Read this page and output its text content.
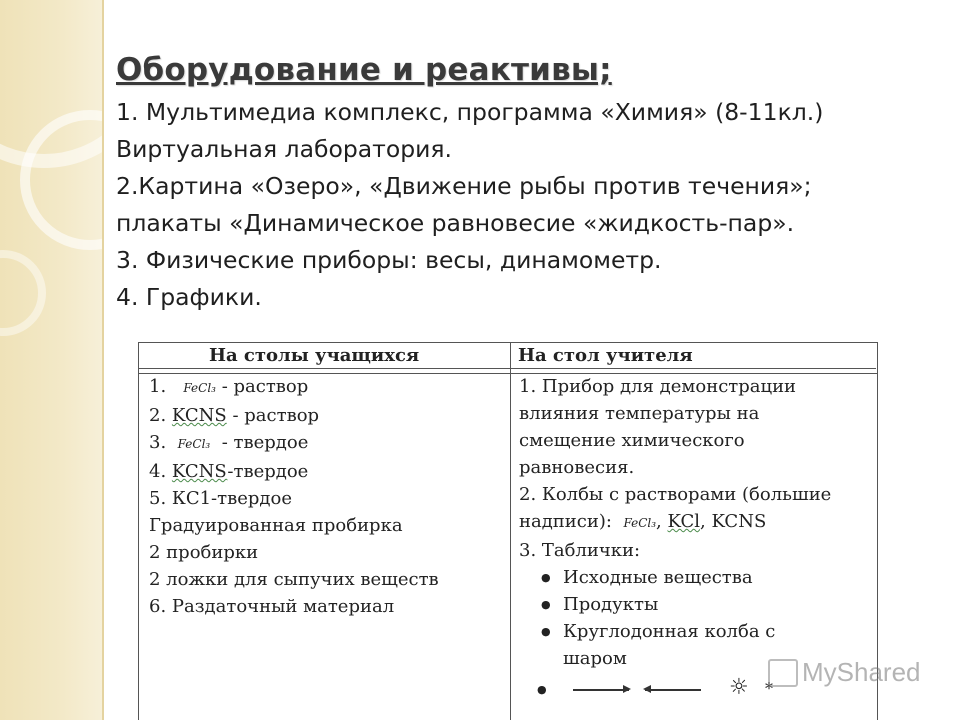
Оборудование и реактивы;
1. Мультимедиа комплекс, программа «Химия» (8-11кл.)
Виртуальная лаборатория.
2.Картина «Озеро», «Движение рыбы против течения»;
плакаты «Динамическое равновесие «жидкость-пар».
3. Физические приборы: весы, динамометр.
4. Графики.
На столы учащихся	На стол учителя
1. FeCl₃ - раствор
2. KCNS - раствор
3. FeCl₃ - твердое
4. KCNS-твердое
5. КС1-твердое
Градуированная пробирка
2 пробирки
2 ложки для сыпучих веществ
6. Раздаточный материал
1. Прибор для демонстрации
влияния температуры на
смещение химического
равновесия.
2. Колбы с растворами (большие
надписи): FeCl₃, KCl, KCNS
3. Таблички:
● Исходные вещества
● Продукты
● Круглодонная колба с шаром
●	☼ *
MyShared
